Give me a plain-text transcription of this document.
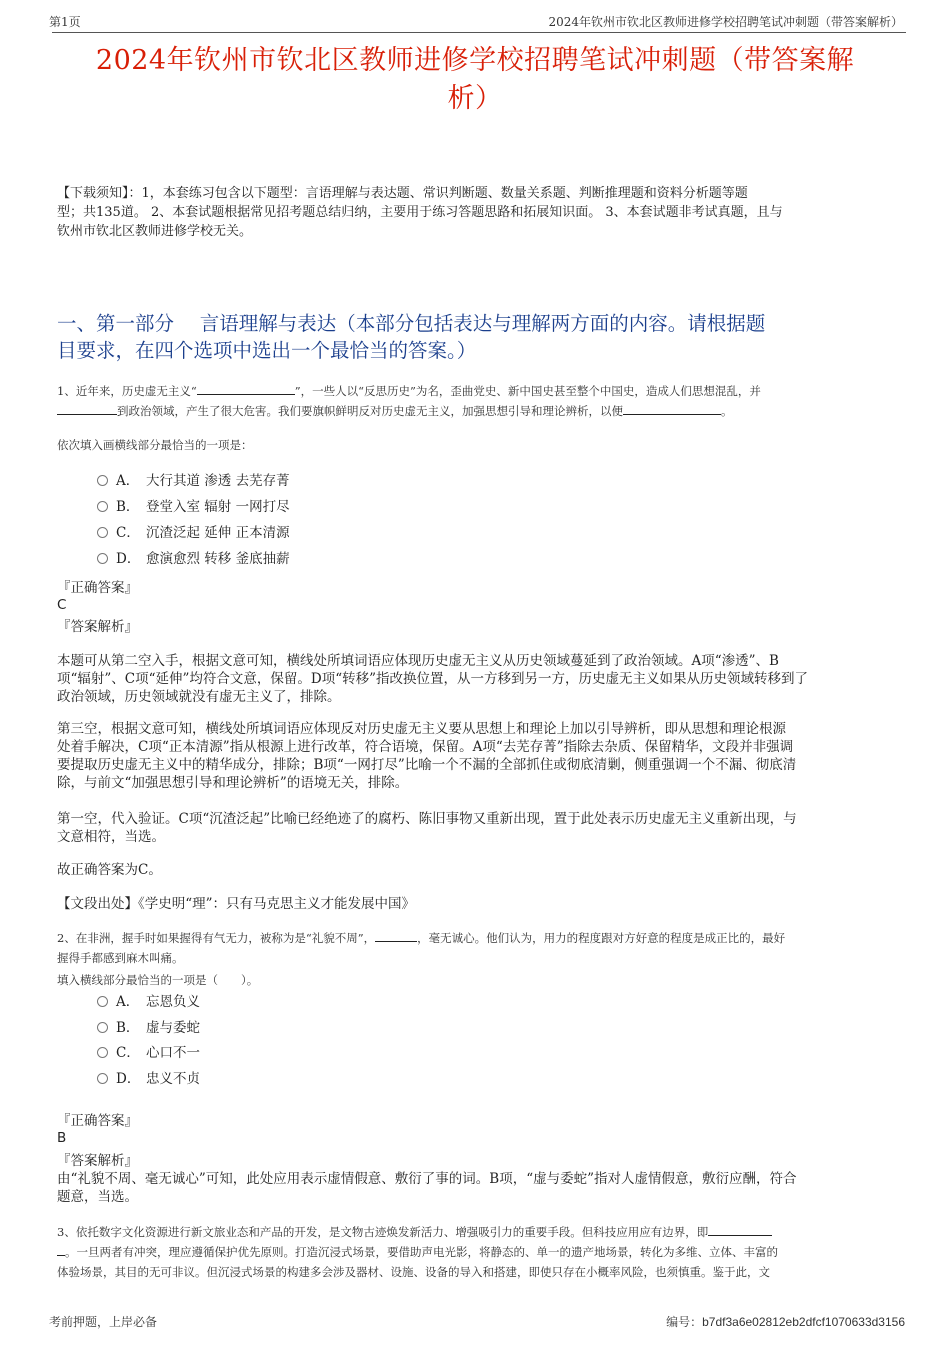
第1页	2024年钦州市钦北区教师进修学校招聘笔试冲刺题（带答案解析）
2024年钦州市钦北区教师进修学校招聘笔试冲刺题（带答案解
析）
【下载须知】：1，本套练习包含以下题型：言语理解与表达题、常识判断题、数量关系题、判断推理题和资料分析题等题
型；共135道。 2、本套试题根据常见招考题总结归纳，主要用于练习答题思路和拓展知识面。 3、本套试题非考试真题，且与
钦州市钦北区教师进修学校无关。
一、第一部分　 言语理解与表达（本部分包括表达与理解两方面的内容。请根据题
目要求，在四个选项中选出一个最恰当的答案。）
1、近年来，历史虚无主义“	”，一些人以“反思历史”为名，歪曲党史、新中国史甚至整个中国史，造成人们思想混乱，并
到政治领域，产生了很大危害。我们要旗帜鲜明反对历史虚无主义，加强思想引导和理论辨析，以便	。
依次填入画横线部分最恰当的一项是：
A． 大行其道 渗透 去芜存菁
B． 登堂入室 辐射 一网打尽
C． 沉渣泛起 延伸 正本清源
D． 愈演愈烈 转移 釜底抽薪
『正确答案』
C
『答案解析』
本题可从第二空入手，根据文意可知，横线处所填词语应体现历史虚无主义从历史领域蔓延到了政治领域。A项“渗透”、B
项“辐射”、C项“延伸”均符合文意，保留。D项“转移”指改换位置，从一方移到另一方，历史虚无主义如果从历史领域转移到了
政治领域，历史领域就没有虚无主义了，排除。
第三空，根据文意可知，横线处所填词语应体现反对历史虚无主义要从思想上和理论上加以引导辨析，即从思想和理论根源
处着手解决，C项“正本清源”指从根源上进行改革，符合语境，保留。A项“去芜存菁”指除去杂质、保留精华，文段并非强调
要提取历史虚无主义中的精华成分，排除；B项“一网打尽”比喻一个不漏的全部抓住或彻底清剿，侧重强调一个不漏、彻底清
除，与前文“加强思想引导和理论辨析”的语境无关，排除。
第一空，代入验证。C项“沉渣泛起”比喻已经绝迹了的腐朽、陈旧事物又重新出现，置于此处表示历史虚无主义重新出现，与
文意相符，当选。
故正确答案为C。
【文段出处】《学史明“理”：只有马克思主义才能发展中国》
2、在非洲，握手时如果握得有气无力，被称为是“礼貌不周”，	，毫无诚心。他们认为，用力的程度跟对方好意的程度是成正比的，最好
握得手都感到麻木叫痛。
填入横线部分最恰当的一项是（　　）。
A． 忘恩负义
B． 虚与委蛇
C． 心口不一
D． 忠义不贞
『正确答案』
B
『答案解析』
由“礼貌不周、毫无诚心”可知，此处应用表示虚情假意、敷衍了事的词。B项，“虚与委蛇”指对人虚情假意，敷衍应酬，符合
题意，当选。
3、依托数字文化资源进行新文旅业态和产品的开发，是文物古迹焕发新活力、增强吸引力的重要手段。但科技应用应有边界，即
。一旦两者有冲突，理应遵循保护优先原则。打造沉浸式场景，要借助声电光影，将静态的、单一的遗产地场景，转化为多维、立体、丰富的
体验场景，其目的无可非议。但沉浸式场景的构建多会涉及器材、设施、设备的导入和搭建，即使只存在小概率风险，也须慎重。鉴于此，文
考前押题，上岸必备	编号：b7df3a6e02812eb2dfcf1070633d3156
